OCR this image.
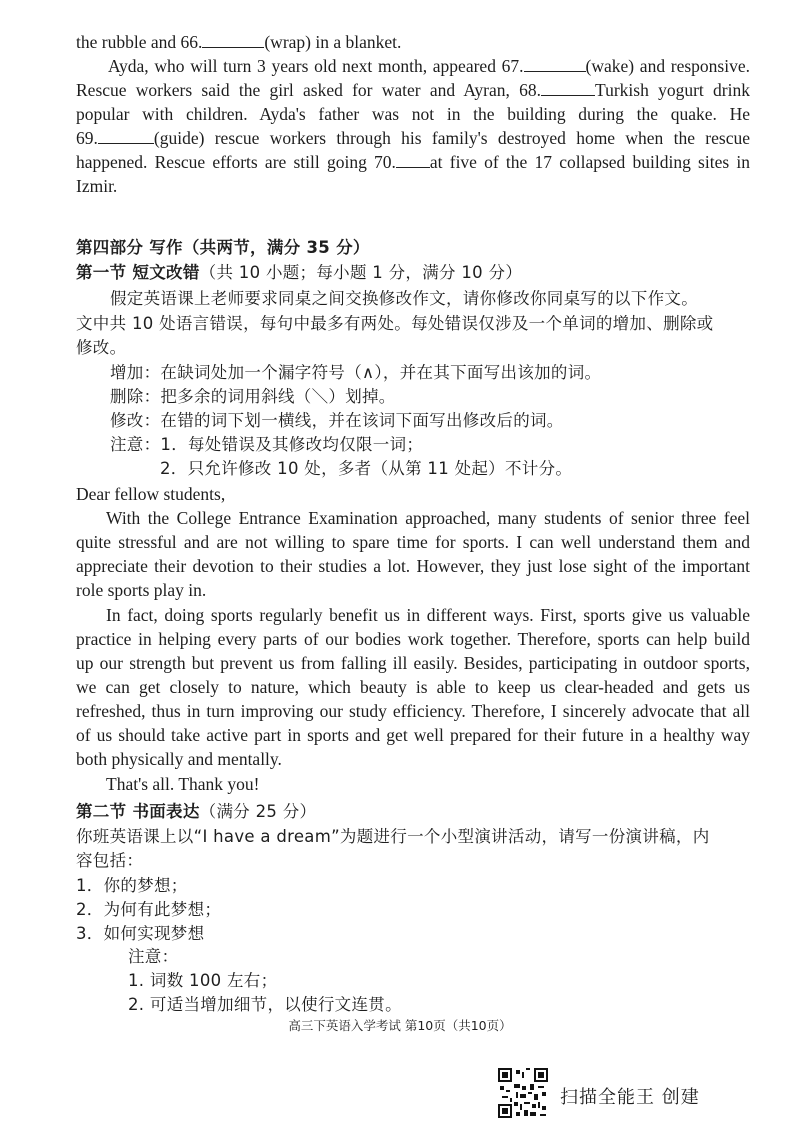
the rubble and 66.	(wrap) in a blanket.
Ayda, who will turn 3 years old next month, appeared 67.	(wake) and responsive.
Rescue workers said the girl asked for water and Ayran, 68.	Turkish yogurt drink
popular with children. Ayda's father was not in the building during the quake. He
69.	(guide) rescue workers through his family's destroyed home when the rescue
happened. Rescue efforts are still going 70. at five of the 17 collapsed building sites in
Izmir.
第四部分 写作（共两节，满分 35 分）
第一节 短文改错（共 10 小题；每小题 1 分，满分 10 分）
假定英语课上老师要求同桌之间交换修改作文，请你修改你同桌写的以下作文。
文中共 10 处语言错误，每句中最多有两处。每处错误仅涉及一个单词的增加、删除或
修改。
增加：在缺词处加一个漏字符号（∧），并在其下面写出该加的词。
删除：把多余的词用斜线（＼）划掉。
修改：在错的词下划一横线，并在该词下面写出修改后的词。
注意：1．每处错误及其修改均仅限一词；
2．只允许修改 10 处，多者（从第 11 处起）不计分。
Dear fellow students,
With the College Entrance Examination approached, many students of senior three feel
quite stressful and are not willing to spare time for sports. I can well understand them and
appreciate their devotion to their studies a lot. However, they just lose sight of the important
role sports play in.
In fact, doing sports regularly benefit us in different ways. First, sports give us valuable
practice in helping every parts of our bodies work together. Therefore, sports can help build
up our strength but prevent us from falling ill easily. Besides, participating in outdoor sports,
we can get closely to nature, which beauty is able to keep us clear-headed and gets us
refreshed, thus in turn improving our study efficiency. Therefore, I sincerely advocate that all
of us should take active part in sports and get well prepared for their future in a healthy way
both physically and mentally.
That's all. Thank you!
第二节 书面表达（满分 25 分）
你班英语课上以“I have a dream”为题进行一个小型演讲活动，请写一份演讲稿，内
容包括：
1．你的梦想；
2．为何有此梦想；
3．如何实现梦想
注意：
1. 词数 100 左右；
2. 可适当增加细节，以使行文连贯。
高三下英语入学考试 第10页（共10页）
扫描全能王 创建
